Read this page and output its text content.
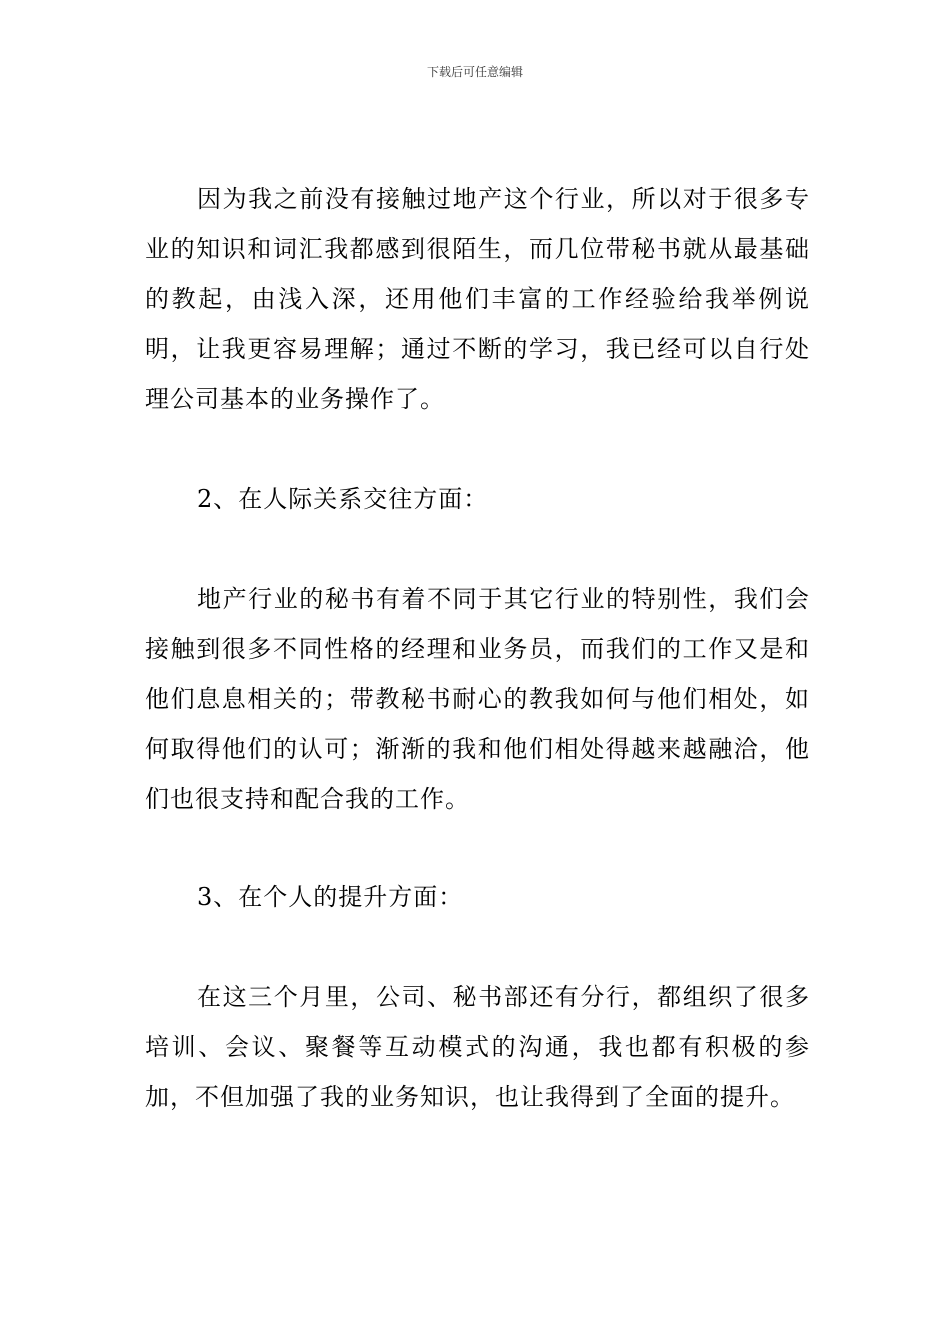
下载后可任意编辑

因为我之前没有接触过地产这个行业，所以对于很多专业的知识和词汇我都感到很陌生，而几位带秘书就从最基础的教起，由浅入深，还用他们丰富的工作经验给我举例说明，让我更容易理解；通过不断的学习，我已经可以自行处理公司基本的业务操作了。

2、在人际关系交往方面：

地产行业的秘书有着不同于其它行业的特别性，我们会接触到很多不同性格的经理和业务员，而我们的工作又是和他们息息相关的；带教秘书耐心的教我如何与他们相处，如何取得他们的认可；渐渐的我和他们相处得越来越融洽，他们也很支持和配合我的工作。

3、在个人的提升方面：

在这三个月里，公司、秘书部还有分行，都组织了很多培训、会议、聚餐等互动模式的沟通，我也都有积极的参加，不但加强了我的业务知识，也让我得到了全面的提升。
